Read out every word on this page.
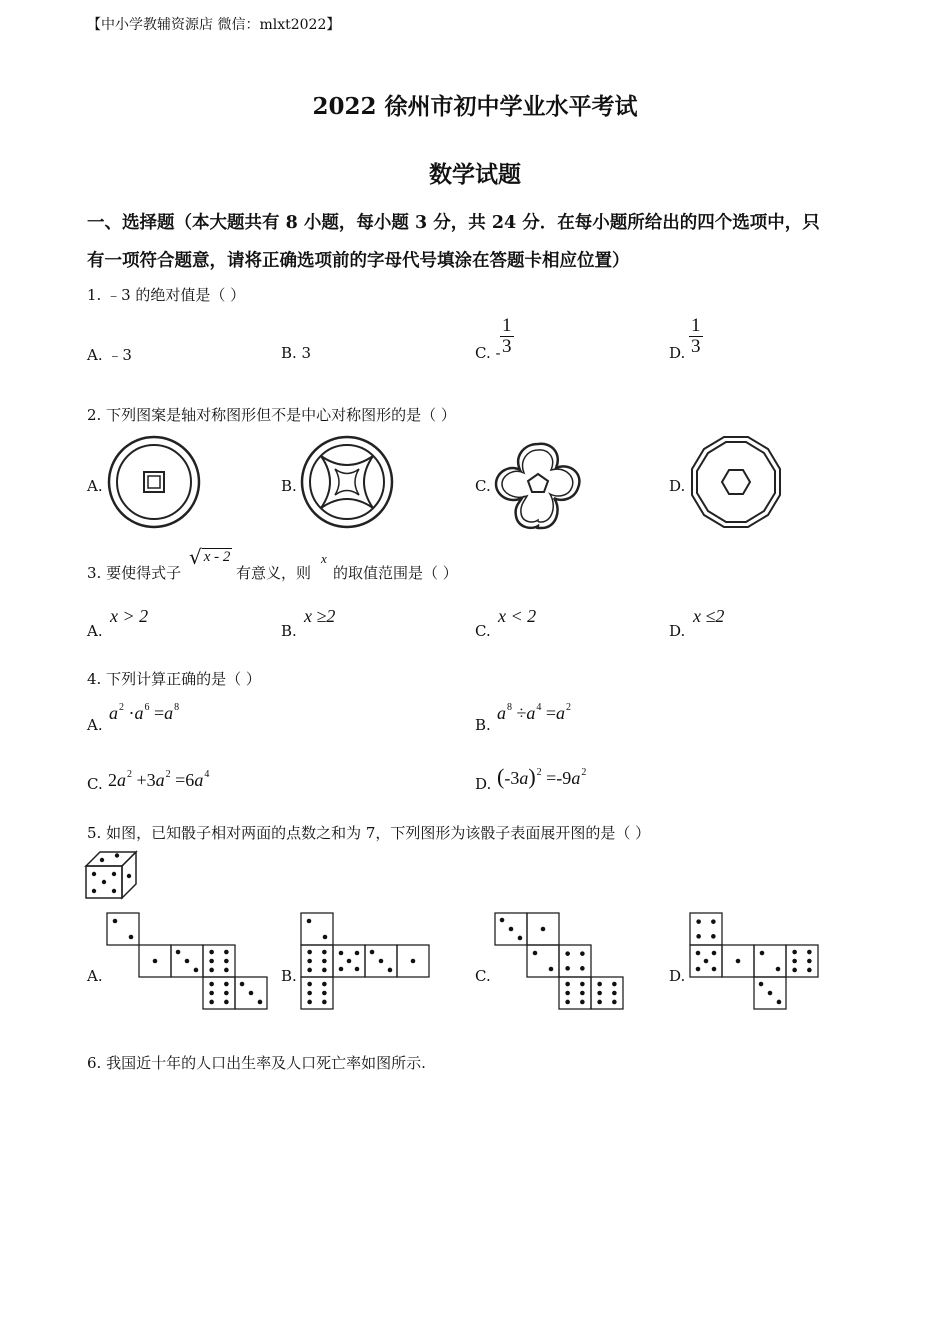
【中小学教辅资源店 微信：mlxt2022】
2022 徐州市初中学业水平考试
数学试题
一、选择题（本大题共有 8 小题，每小题 3 分，共 24 分．在每小题所给出的四个选项中，只
有一项符合题意，请将正确选项前的字母代号填涂在答题卡相应位置）
1. ﹣3 的绝对值是（ ）
A. ﹣3	B. 3	C. - $\frac{1}{3}$	D. $\frac{1}{3}$
2. 下列图案是轴对称图形但不是中心对称图形的是（ ）
A.	B.	C.	D.
3. 要使得式子
√ x - 2
有意义，则
x
的取值范围是（ ）
A.
x > 2
B.
x ≥2
C.
x < 2
D.
x ≤2
4. 下列计算正确的是（ ）
A.
$a^2 \cdot a^6 =a^8$
B.
$a^8 \div a^4 =a^2$
C. $2a^2 +3a^2 =6a^4$
D. $(-3a)^2 =-9a^2$
5. 如图，已知骰子相对两面的点数之和为 7，下列图形为该骰子表面展开图的是（ ）
A.	B.	C.	D.
6. 我国近十年的人口出生率及人口死亡率如图所示.
